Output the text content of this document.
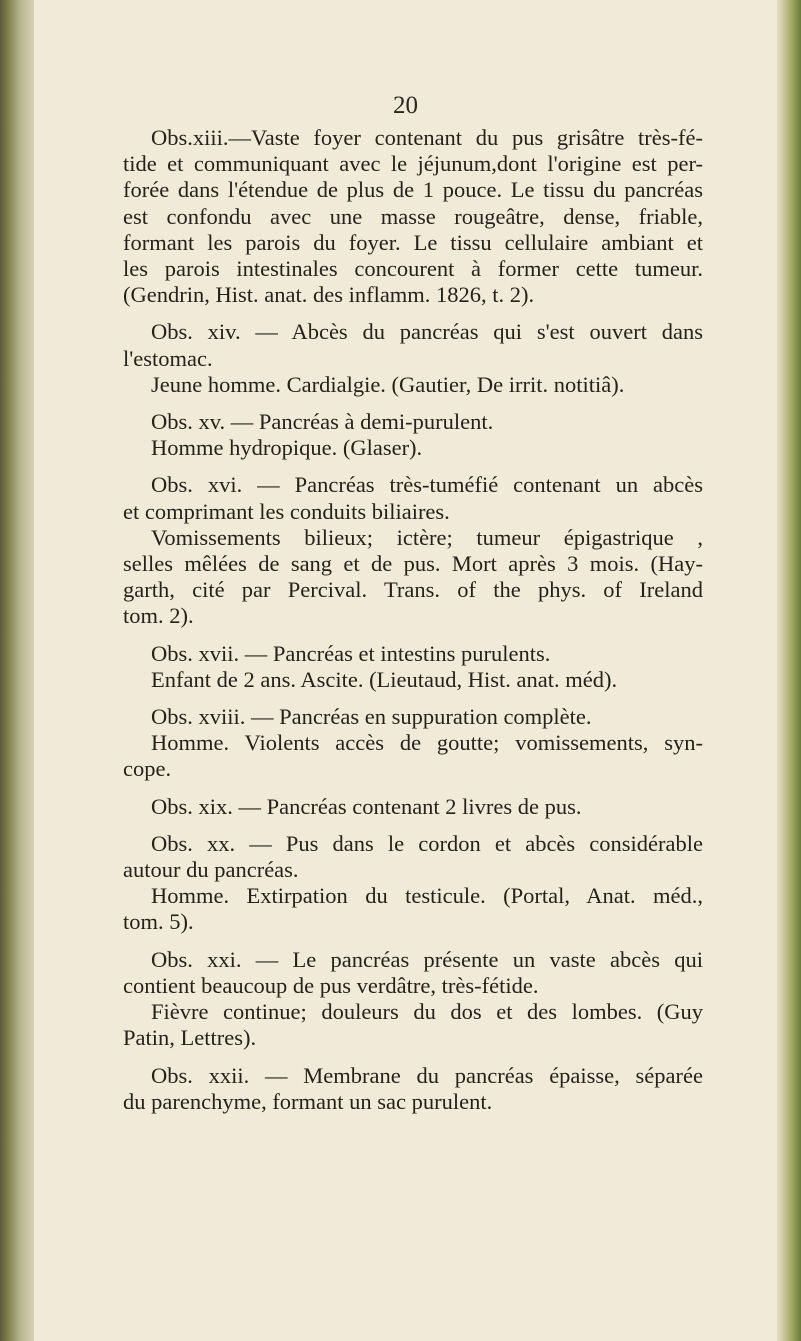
20
Obs.xiii.—Vaste foyer contenant du pus grisâtre très-fé-
tide et communiquant avec le jéjunum,dont l'origine est per-
forée dans l'étendue de plus de 1 pouce. Le tissu du pancréas
est confondu avec une masse rougeâtre, dense, friable,
formant les parois du foyer. Le tissu cellulaire ambiant et
les parois intestinales concourent à former cette tumeur.
(Gendrin, Hist. anat. des inflamm. 1826, t. 2).
Obs. xiv. — Abcès du pancréas qui s'est ouvert dans
l'estomac.
Jeune homme. Cardialgie. (Gautier, De irrit. notitiâ).
Obs. xv. — Pancréas à demi-purulent.
Homme hydropique. (Glaser).
Obs. xvi. — Pancréas très-tuméfié contenant un abcès
et comprimant les conduits biliaires.
Vomissements bilieux; ictère; tumeur épigastrique ,
selles mêlées de sang et de pus. Mort après 3 mois. (Hay-
garth, cité par Percival. Trans. of the phys. of Ireland
tom. 2).
Obs. xvii. — Pancréas et intestins purulents.
Enfant de 2 ans. Ascite. (Lieutaud, Hist. anat. méd).
Obs. xviii. — Pancréas en suppuration complète.
Homme. Violents accès de goutte; vomissements, syn-
cope.
Obs. xix. — Pancréas contenant 2 livres de pus.
Obs. xx. — Pus dans le cordon et abcès considérable
autour du pancréas.
Homme. Extirpation du testicule. (Portal, Anat. méd.,
tom. 5).
Obs. xxi. — Le pancréas présente un vaste abcès qui
contient beaucoup de pus verdâtre, très-fétide.
Fièvre continue; douleurs du dos et des lombes. (Guy
Patin, Lettres).
Obs. xxii. — Membrane du pancréas épaisse, séparée
du parenchyme, formant un sac purulent.
